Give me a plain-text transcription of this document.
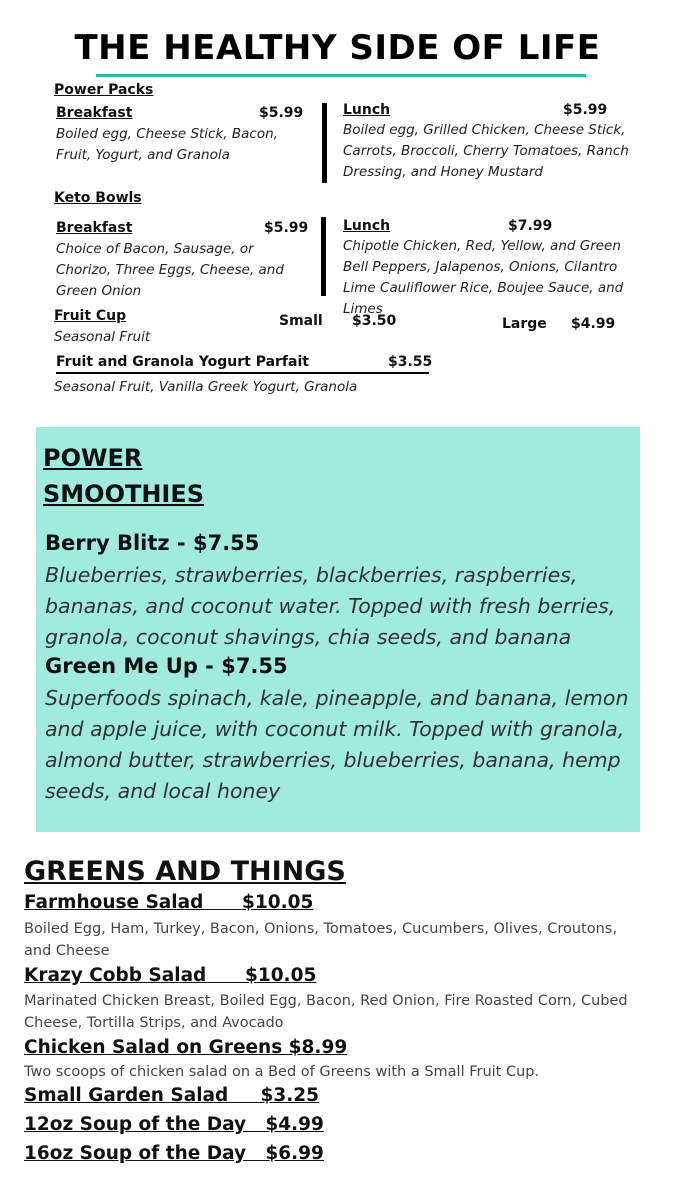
THE HEALTHY SIDE OF LIFE
Power Packs
Breakfast	$5.99
Boiled egg, Cheese Stick, Bacon, Fruit, Yogurt, and Granola
Lunch	$5.99
Boiled egg, Grilled Chicken, Cheese Stick, Carrots, Broccoli, Cherry Tomatoes, Ranch Dressing, and Honey Mustard
Keto Bowls
Breakfast	$5.99
Choice of Bacon, Sausage, or Chorizo, Three Eggs, Cheese, and Green Onion
Lunch	$7.99
Chipotle Chicken, Red, Yellow, and Green Bell Peppers, Jalapenos, Onions, Cilantro Lime Cauliflower Rice, Boujee Sauce, and Limes
Fruit Cup
Seasonal Fruit
Small $3.50	Large $4.99
Fruit and Granola Yogurt Parfait	$3.55
Seasonal Fruit, Vanilla Greek Yogurt, Granola
POWER
SMOOTHIES
Berry Blitz - $7.55
Blueberries, strawberries, blackberries, raspberries, bananas, and coconut water. Topped with fresh berries, granola, coconut shavings, chia seeds, and banana
Green Me Up - $7.55
Superfoods spinach, kale, pineapple, and banana, lemon and apple juice, with coconut milk. Topped with granola, almond butter, strawberries, blueberries, banana, hemp seeds, and local honey
GREENS AND THINGS
Farmhouse Salad      $10.05
Boiled Egg, Ham, Turkey, Bacon, Onions, Tomatoes, Cucumbers, Olives, Croutons, and Cheese
Krazy Cobb Salad      $10.05
Marinated Chicken Breast, Boiled Egg, Bacon, Red Onion, Fire Roasted Corn, Cubed Cheese, Tortilla Strips, and Avocado
Chicken Salad on Greens $8.99
Two scoops of chicken salad on a Bed of Greens with a Small Fruit Cup.
Small Garden Salad     $3.25
12oz Soup of the Day   $4.99
16oz Soup of the Day   $6.99
